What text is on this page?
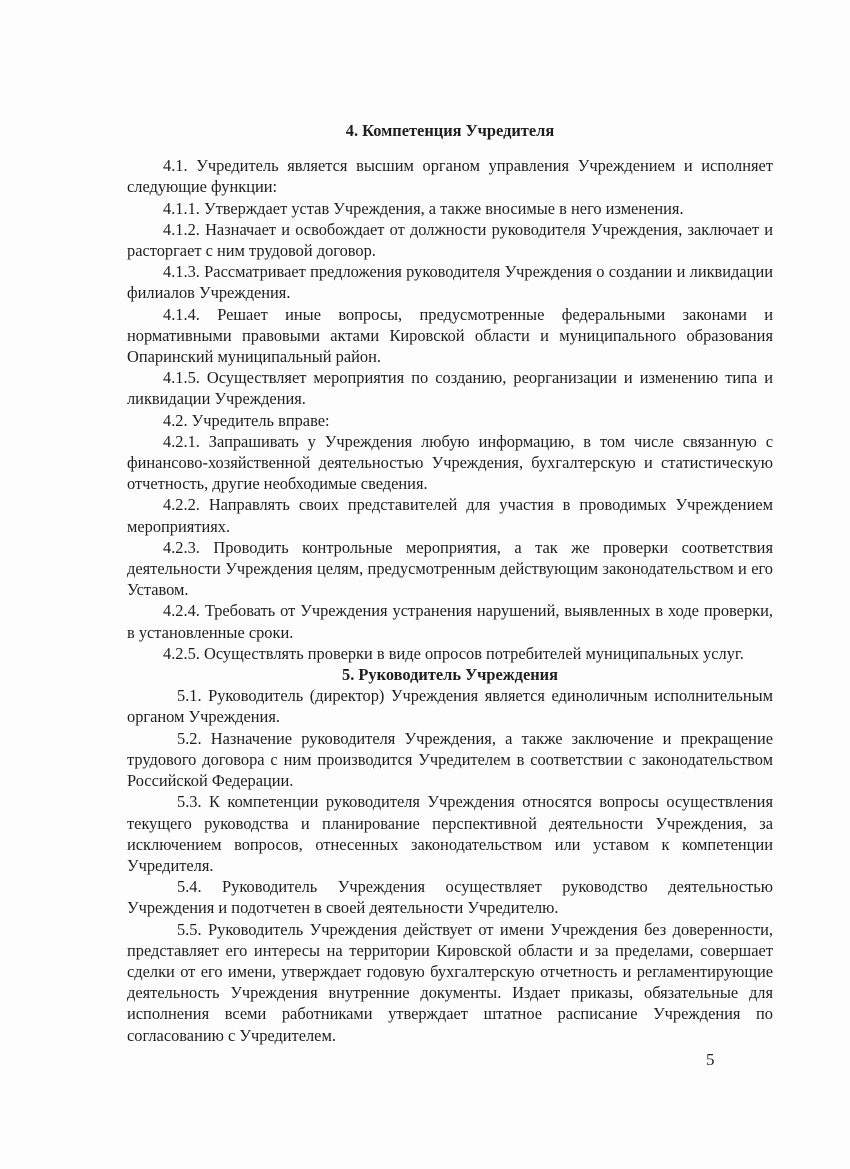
4. Компетенция Учредителя

4.1. Учредитель является высшим органом управления Учреждением и исполняет следующие функции:

4.1.1. Утверждает устав Учреждения, а также вносимые в него изменения.

4.1.2. Назначает и освобождает от должности руководителя Учреждения, заключает и расторгает с ним трудовой договор.

4.1.3. Рассматривает предложения руководителя Учреждения о создании и ликвидации филиалов Учреждения.

4.1.4. Решает иные вопросы, предусмотренные федеральными законами и нормативными правовыми актами Кировской области и муниципального образования Опаринский муниципальный район.

4.1.5. Осуществляет мероприятия по созданию, реорганизации и изменению типа и ликвидации Учреждения.

4.2. Учредитель вправе:

4.2.1. Запрашивать у Учреждения любую информацию, в том числе связанную с финансово-хозяйственной деятельностью Учреждения, бухгалтерскую и статистическую отчетность, другие необходимые сведения.

4.2.2. Направлять своих представителей для участия в проводимых Учреждением мероприятиях.

4.2.3. Проводить контрольные мероприятия, а так же проверки соответствия деятельности Учреждения целям, предусмотренным действующим законодательством и его Уставом.

4.2.4. Требовать от Учреждения устранения нарушений, выявленных в ходе проверки, в установленные сроки.

4.2.5. Осуществлять проверки в виде опросов потребителей муниципальных услуг.

5. Руководитель Учреждения

5.1. Руководитель (директор) Учреждения является единоличным исполнительным органом Учреждения.

5.2. Назначение руководителя Учреждения, а также заключение и прекращение трудового договора с ним производится Учредителем в соответствии с законодательством Российской Федерации.

5.3. К компетенции руководителя Учреждения относятся вопросы осуществления текущего руководства и планирование перспективной деятельности Учреждения, за исключением вопросов, отнесенных законодательством или уставом к компетенции Учредителя.

5.4. Руководитель Учреждения осуществляет руководство деятельностью Учреждения и подотчетен в своей деятельности Учредителю.

5.5. Руководитель Учреждения действует от имени Учреждения без доверенности, представляет его интересы на территории Кировской области и за пределами, совершает сделки от его имени, утверждает годовую бухгалтерскую отчетность и регламентирующие деятельность Учреждения внутренние документы. Издает приказы, обязательные для исполнения всеми работниками утверждает штатное расписание Учреждения по согласованию с Учредителем.

5
